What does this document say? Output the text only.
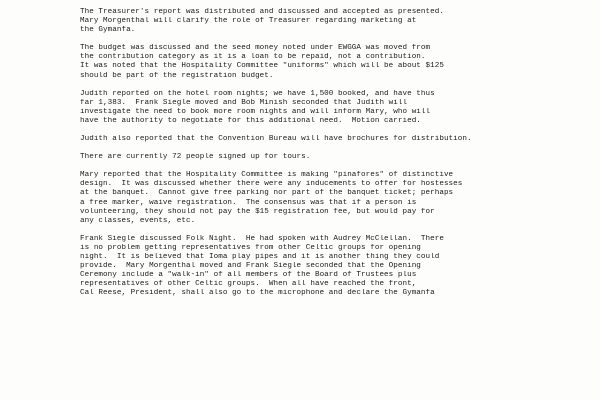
The Treasurer's report was distributed and discussed and accepted as presented.
Mary Morgenthal will clarify the role of Treasurer regarding marketing at
the Gymanfa.

The budget was discussed and the seed money noted under EWGGA was moved from
the contribution category as it is a loan to be repaid, not a contribution.
It was noted that the Hospitality Committee "uniforms" which will be about $125
should be part of the registration budget.

Judith reported on the hotel room nights; we have 1,500 booked, and have thus
far 1,383.  Frank Siegle moved and Bob Minish seconded that Judith will
investigate the need to book more room nights and will inform Mary, who will
have the authority to negotiate for this additional need.  Motion carried.

Judith also reported that the Convention Bureau will have brochures for distribution.

There are currently 72 people signed up for tours.

Mary reported that the Hospitality Committee is making "pinafores" of distinctive
design.  It was discussed whether there were any inducements to offer for hostesses
at the banquet.  Cannot give free parking nor part of the banquet ticket; perhaps
a free marker, waive registration.  The consensus was that if a person is
volunteering, they should not pay the $15 registration fee, but would pay for
any classes, events, etc.

Frank Siegle discussed Folk Night.  He had spoken with Audrey McClellan.  There
is no problem getting representatives from other Celtic groups for opening
night.  It is believed that Ioma play pipes and it is another thing they could
provide.  Mary Morgenthal moved and Frank Siegle seconded that the Opening
Ceremony include a "walk-in" of all members of the Board of Trustees plus
representatives of other Celtic groups.  When all have reached the front,
Cal Reese, President, shall also go to the microphone and declare the Gymanfa
